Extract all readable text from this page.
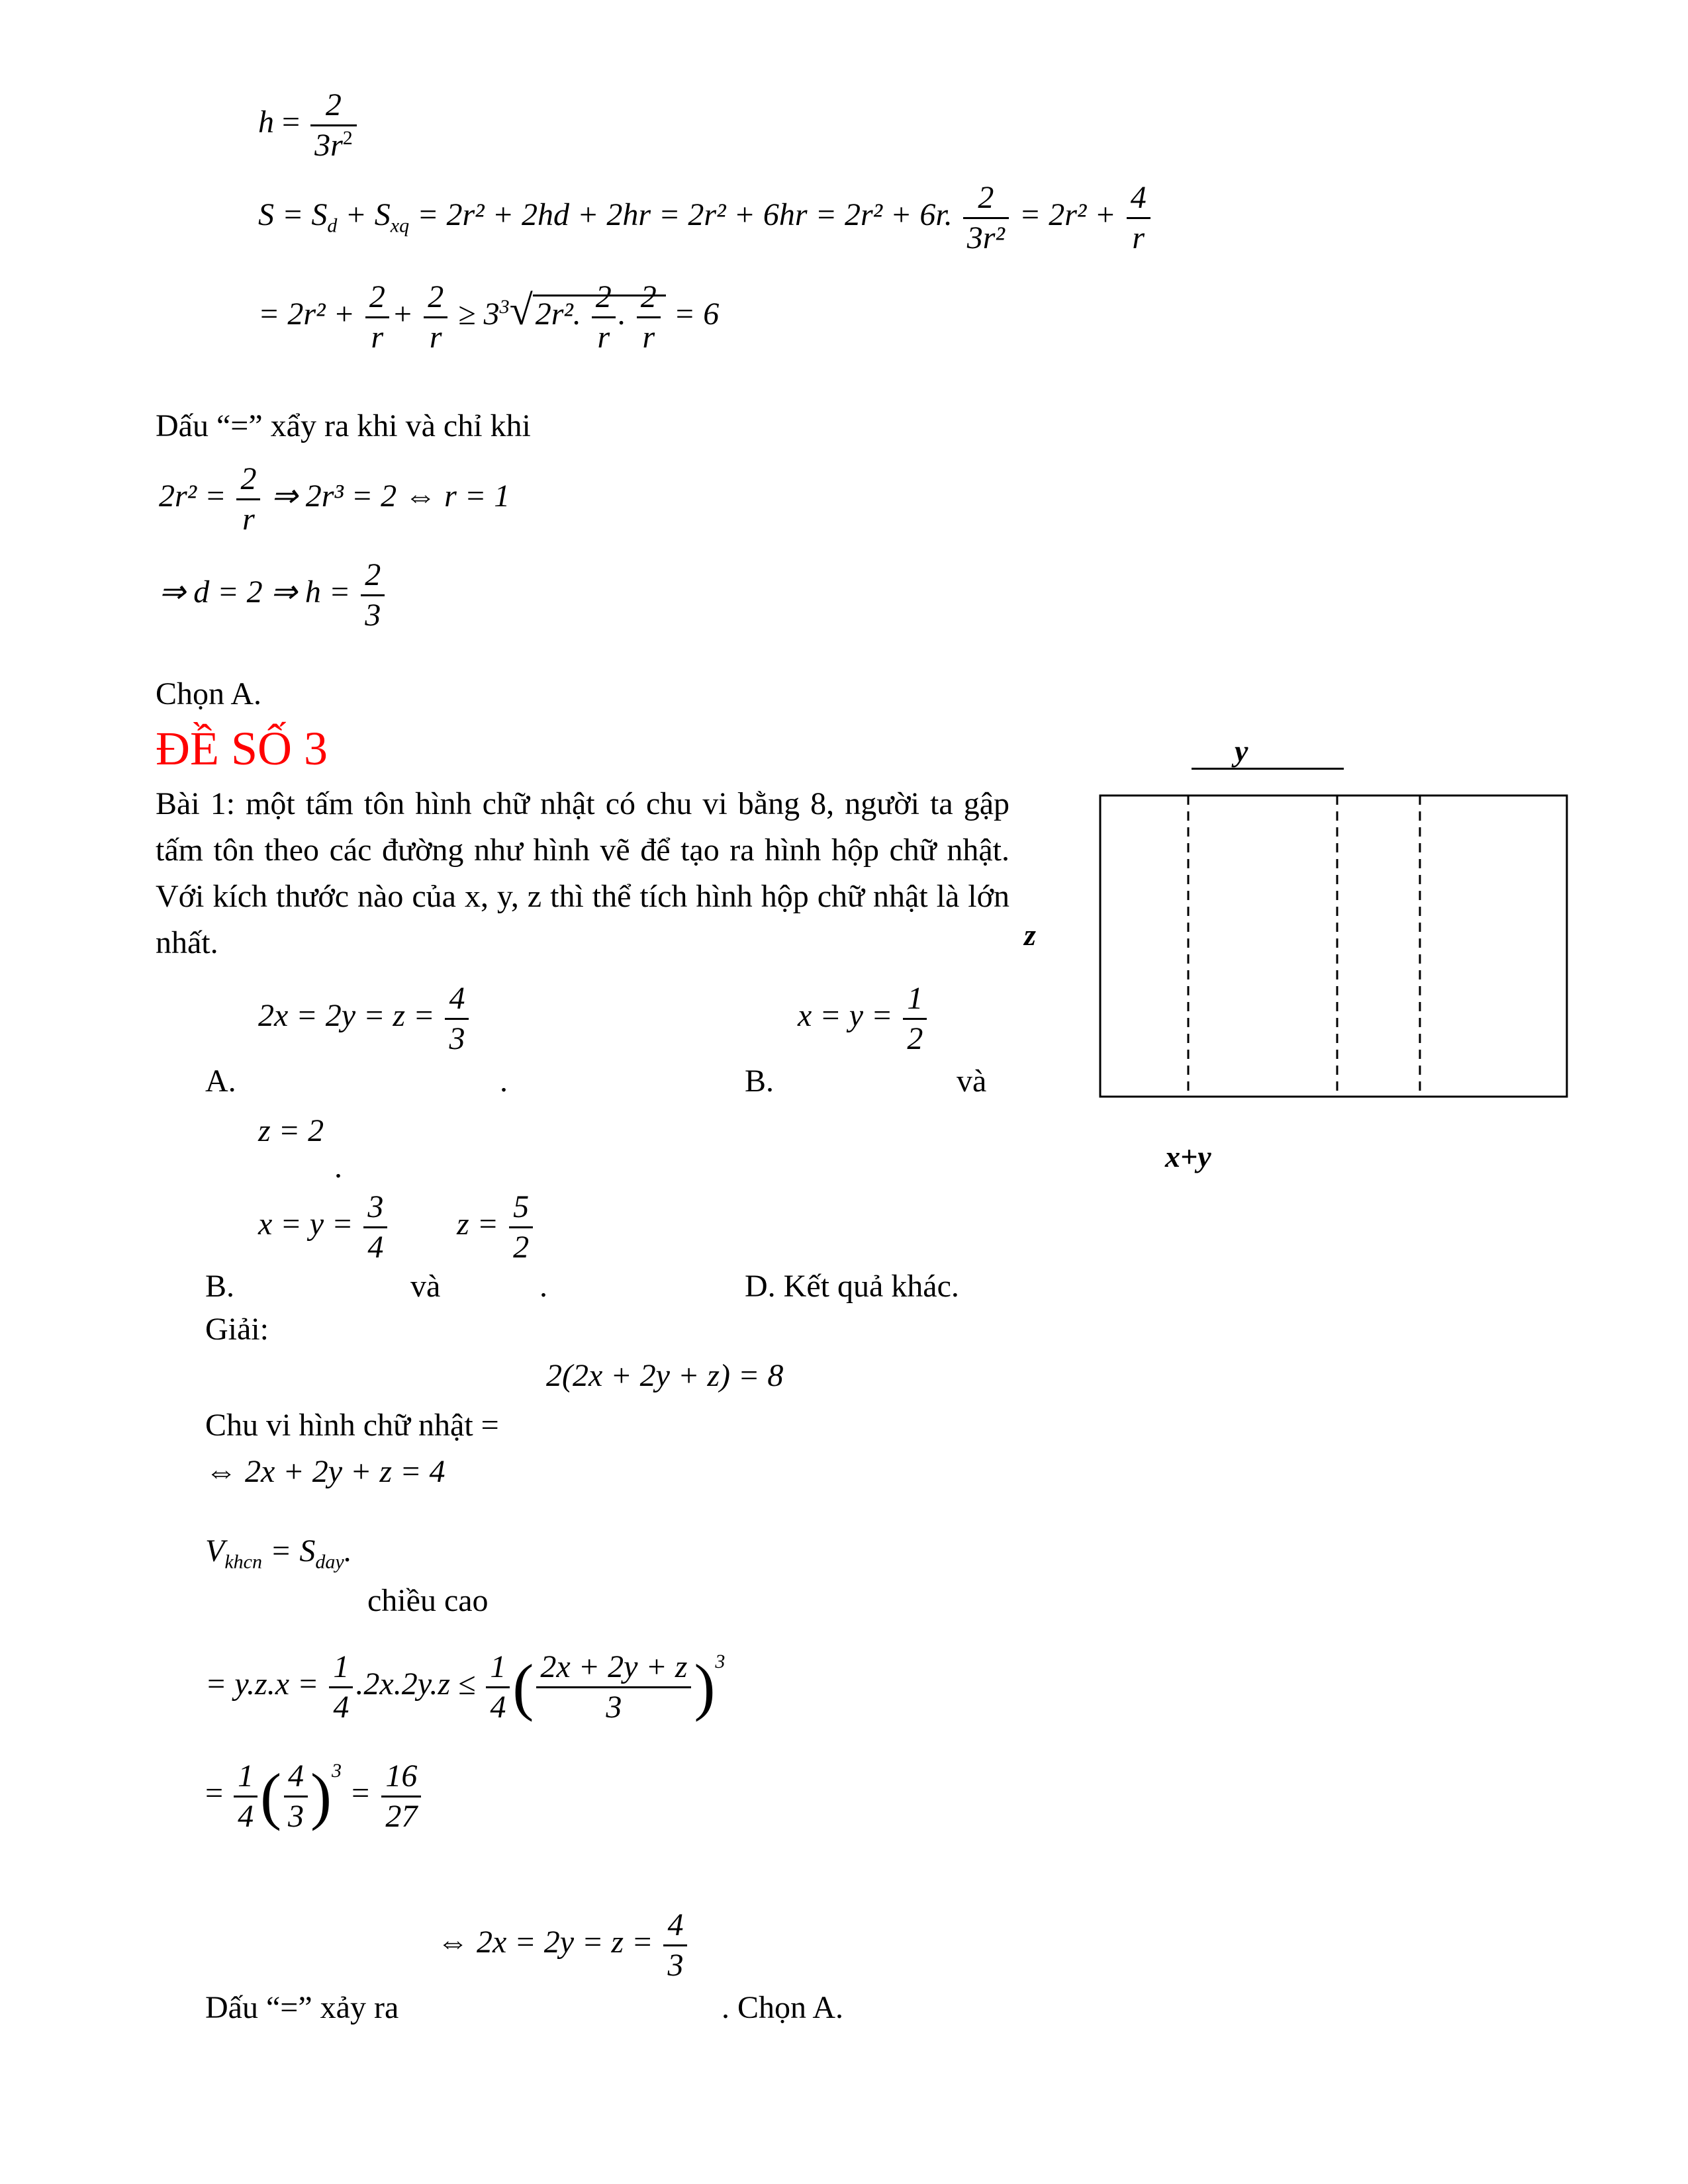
$h = \frac{2}{3r^2}$
$S = S_d + S_{xq} = 2r^2 + 2hd + 2hr = 2r^2 + 6hr = 2r^2 + 6r$. $\frac{2}{\text{3r²}} = 2r^2 + \frac{4}{r}$
= $2r^2 + \frac{2}{r} + \frac{2}{r} \ge 3^3√2r^2$. $\frac{2}{r}$ . $\frac{2}{r} = 6$
Dấu “=” xẩy ra khi và chỉ khi
$2r^2 = \frac{2}{r}$ ⇒ 2r³ = 2 ⇔ r = 1
⇒ d = 2 ⇒ $h = \frac{2}{3}$
Chọn A.
ĐỀ SỐ 3
Bài 1: một tấm tôn hình chữ nhật có chu vi bằng 8, người ta gập tấm tôn theo các đường như hình vẽ để tạo ra hình hộp chữ nhật. Với kích thước nào của x, y, z thì thể tích hình hộp chữ nhật là lớn nhất.
$2x = 2y = z = \frac{4}{3}$
A.	.
$x = y = \frac{1}{2}$
B.	và
z = 2
.
$x = y = \frac{3}{4}$ $z = \frac{5}{2}$
B.	và	.	D. Kết quả khác.
y
z
x+y
Giải:
2(2x + 2y + z) = 8
Chu vi hình chữ nhật =
⇔ 2x + 2y + z = 4
$V_{khcn} = S_{day}$.
chiều cao
= $y.z.x = \frac{1}{4} .2x.2y.z \le \frac{1}{4}$ ( $\frac{2x + 2y + z}{3} )^3$
= $\frac{1}{4}$ ( $\frac{4}{3} )^3 = \frac{16}{27}$
⇔ $2x = 2y = z = \frac{4}{3}$
Dấu “=” xảy ra	. Chọn A.
